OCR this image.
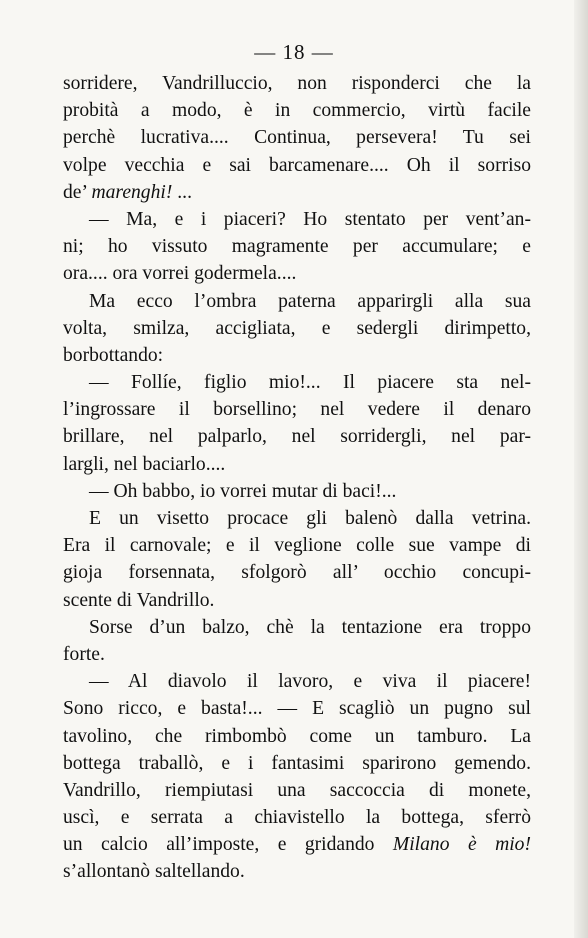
— 18 —
sorridere, Vandrilluccio, non risponderci che la
probità a modo, è in commercio, virtù facile
perchè lucrativa.... Continua, persevera! Tu sei
volpe vecchia e sai barcamenare.... Oh il sorriso
de’ marenghi! ...
— Ma, e i piaceri? Ho stentato per vent’an-
ni; ho vissuto magramente per accumulare; e
ora.... ora vorrei godermela....
Ma ecco l’ombra paterna apparirgli alla sua
volta, smilza, accigliata, e sedergli dirimpetto,
borbottando:
— Follíe, figlio mio!... Il piacere sta nel-
l’ingrossare il borsellino; nel vedere il denaro
brillare, nel palparlo, nel sorridergli, nel par-
largli, nel baciarlo....
— Oh babbo, io vorrei mutar di baci!...
E un visetto procace gli balenò dalla vetrina.
Era il carnovale; e il veglione colle sue vampe di
gioja forsennata, sfolgorò all’ occhio concupi-
scente di Vandrillo.
Sorse d’un balzo, chè la tentazione era troppo
forte.
— Al diavolo il lavoro, e viva il piacere!
Sono ricco, e basta!... — E scagliò un pugno sul
tavolino, che rimbombò come un tamburo. La
bottega traballò, e i fantasimi sparirono gemendo.
Vandrillo, riempiutasi una saccoccia di monete,
uscì, e serrata a chiavistello la bottega, sferrò
un calcio all’imposte, e gridando Milano è mio!
s’allontanò saltellando.
